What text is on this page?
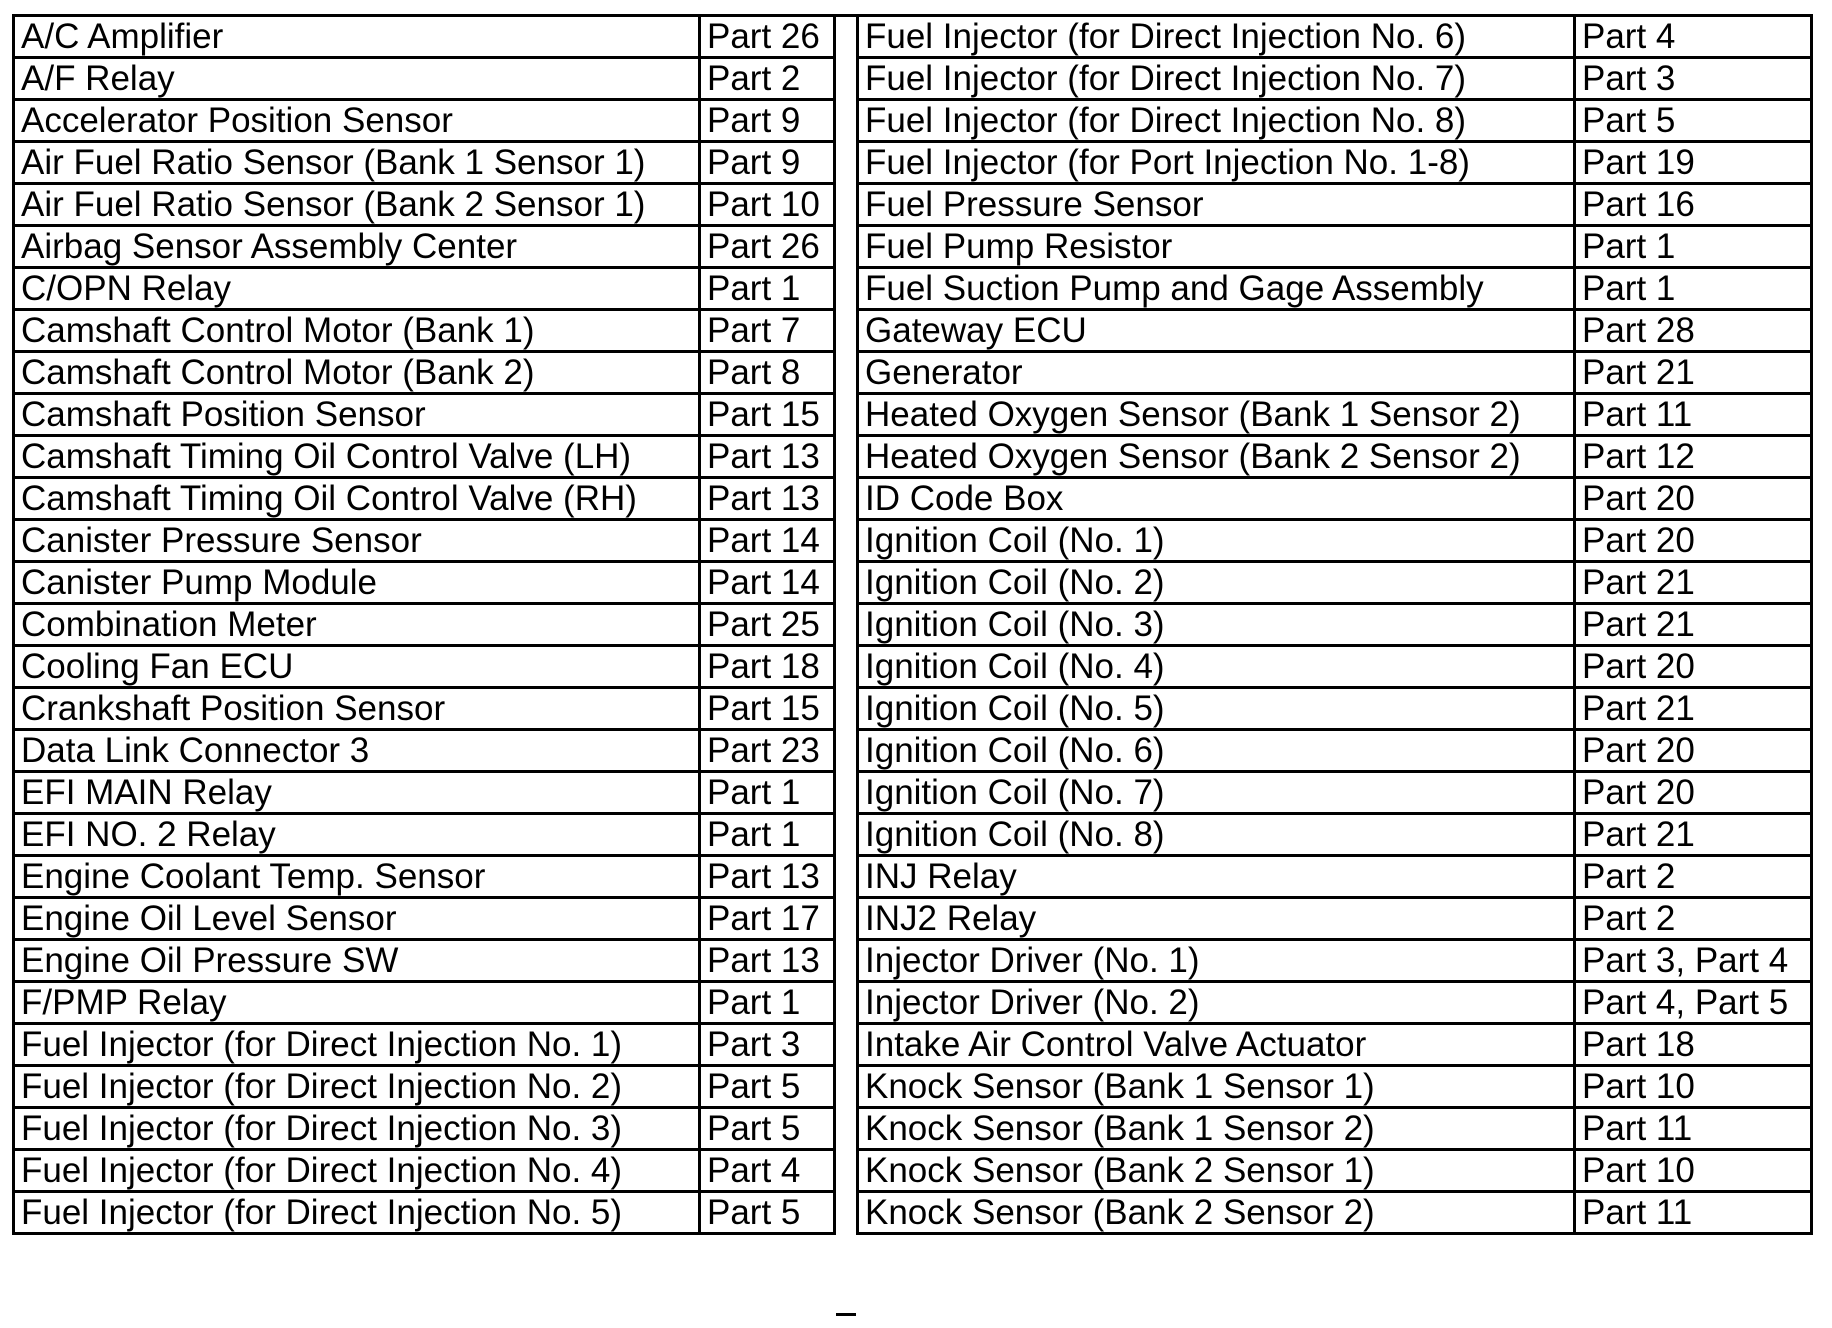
A/C Amplifier	Part 26
A/F Relay	Part 2
Accelerator Position Sensor	Part 9
Air Fuel Ratio Sensor (Bank 1 Sensor 1)	Part 9
Air Fuel Ratio Sensor (Bank 2 Sensor 1)	Part 10
Airbag Sensor Assembly Center	Part 26
C/OPN Relay	Part 1
Camshaft Control Motor (Bank 1)	Part 7
Camshaft Control Motor (Bank 2)	Part 8
Camshaft Position Sensor	Part 15
Camshaft Timing Oil Control Valve (LH)	Part 13
Camshaft Timing Oil Control Valve (RH)	Part 13
Canister Pressure Sensor	Part 14
Canister Pump Module	Part 14
Combination Meter	Part 25
Cooling Fan ECU	Part 18
Crankshaft Position Sensor	Part 15
Data Link Connector 3	Part 23
EFI MAIN Relay	Part 1
EFI NO. 2 Relay	Part 1
Engine Coolant Temp. Sensor	Part 13
Engine Oil Level Sensor	Part 17
Engine Oil Pressure SW	Part 13
F/PMP Relay	Part 1
Fuel Injector (for Direct Injection No. 1)	Part 3
Fuel Injector (for Direct Injection No. 2)	Part 5
Fuel Injector (for Direct Injection No. 3)	Part 5
Fuel Injector (for Direct Injection No. 4)	Part 4
Fuel Injector (for Direct Injection No. 5)	Part 5
Fuel Injector (for Direct Injection No. 6)	Part 4
Fuel Injector (for Direct Injection No. 7)	Part 3
Fuel Injector (for Direct Injection No. 8)	Part 5
Fuel Injector (for Port Injection No. 1-8)	Part 19
Fuel Pressure Sensor	Part 16
Fuel Pump Resistor	Part 1
Fuel Suction Pump and Gage Assembly	Part 1
Gateway ECU	Part 28
Generator	Part 21
Heated Oxygen Sensor (Bank 1 Sensor 2)	Part 11
Heated Oxygen Sensor (Bank 2 Sensor 2)	Part 12
ID Code Box	Part 20
Ignition Coil (No. 1)	Part 20
Ignition Coil (No. 2)	Part 21
Ignition Coil (No. 3)	Part 21
Ignition Coil (No. 4)	Part 20
Ignition Coil (No. 5)	Part 21
Ignition Coil (No. 6)	Part 20
Ignition Coil (No. 7)	Part 20
Ignition Coil (No. 8)	Part 21
INJ Relay	Part 2
INJ2 Relay	Part 2
Injector Driver (No. 1)	Part 3, Part 4
Injector Driver (No. 2)	Part 4, Part 5
Intake Air Control Valve Actuator	Part 18
Knock Sensor (Bank 1 Sensor 1)	Part 10
Knock Sensor (Bank 1 Sensor 2)	Part 11
Knock Sensor (Bank 2 Sensor 1)	Part 10
Knock Sensor (Bank 2 Sensor 2)	Part 11
